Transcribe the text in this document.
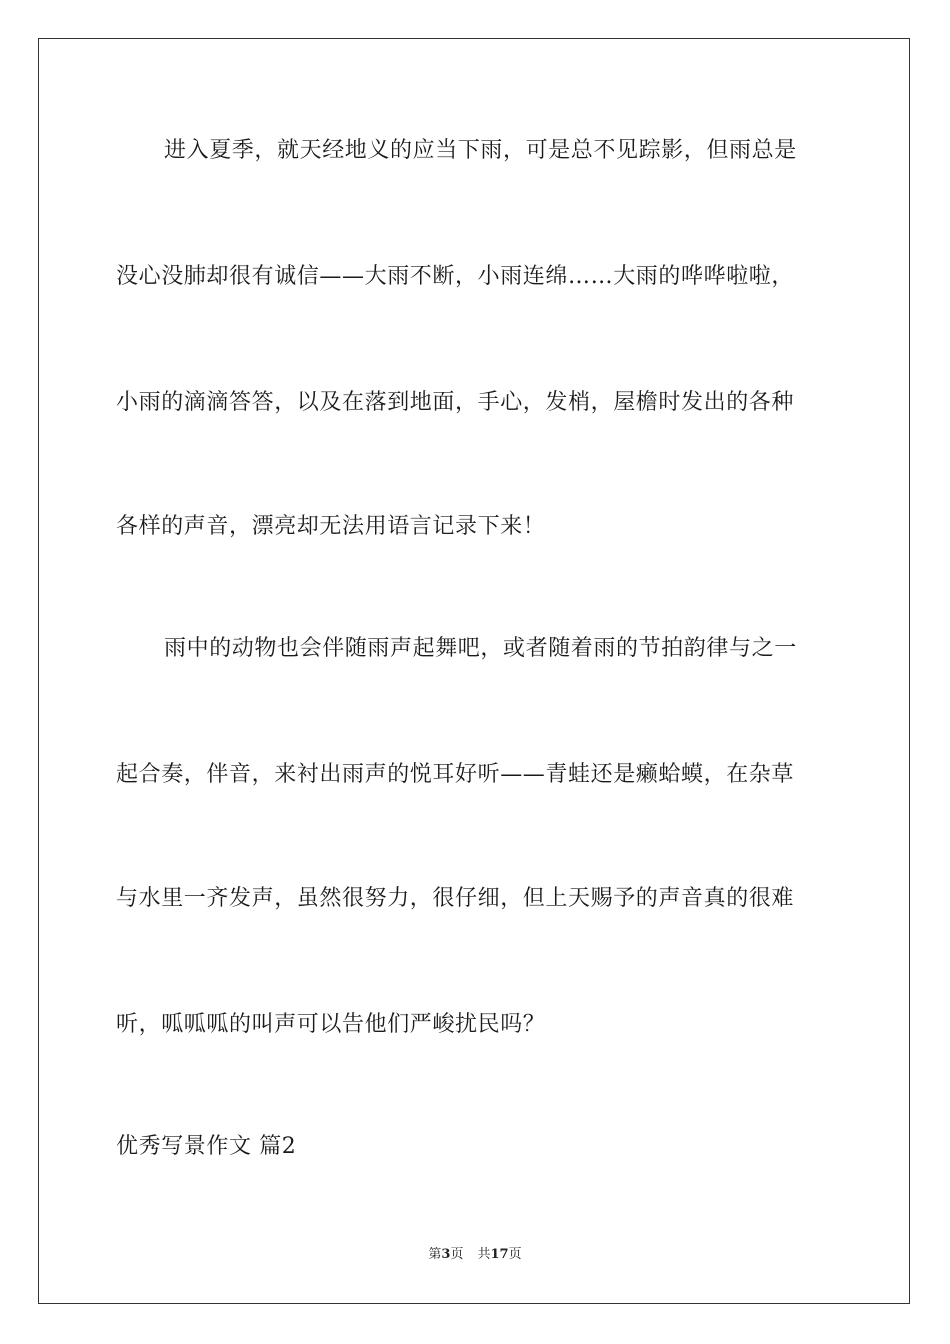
进入夏季，就天经地义的应当下雨，可是总不见踪影，但雨总是
没心没肺却很有诚信——大雨不断，小雨连绵……大雨的哗哗啦啦，
小雨的滴滴答答，以及在落到地面，手心，发梢，屋檐时发出的各种
各样的声音，漂亮却无法用语言记录下来！
雨中的动物也会伴随雨声起舞吧，或者随着雨的节拍韵律与之一
起合奏，伴音，来衬出雨声的悦耳好听——青蛙还是癞蛤蟆，在杂草
与水里一齐发声，虽然很努力，很仔细，但上天赐予的声音真的很难
听，呱呱呱的叫声可以告他们严峻扰民吗？
优秀写景作文 篇2
第3页 共17页
